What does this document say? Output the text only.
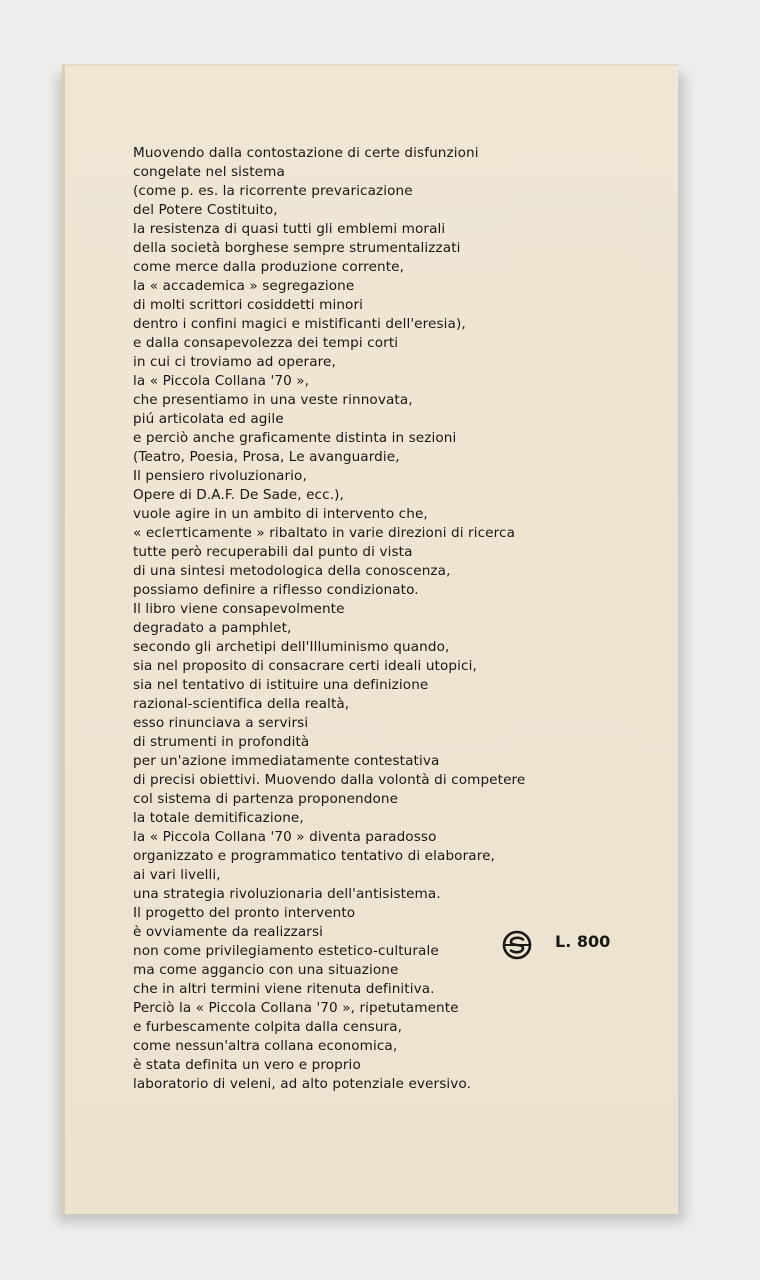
Muovendo dalla contostazione di certe disfunzioni
congelate nel sistema
(come p. es. la ricorrente prevaricazione
del Potere Costituito,
la resistenza di quasi tutti gli emblemi morali
della società borghese sempre strumentalizzati
come merce dalla produzione corrente,
la « accademica » segregazione
di molti scrittori cosiddetti minori
dentro i confini magici e mistificanti dell'eresia),
e dalla consapevolezza dei tempi corti
in cui ci troviamo ad operare,
la « Piccola Collana '70 »,
che presentiamo in una veste rinnovata,
piú articolata ed agile
e perciò anche graficamente distinta in sezioni
(Teatro, Poesia, Prosa, Le avanguardie,
Il pensiero rivoluzionario,
Opere di D.A.F. De Sade, ecc.),
vuole agire in un ambito di intervento che,
« eclетticamente » ribaltato in varie direzioni di ricerca
tutte però recuperabili dal punto di vista
di una sintesi metodologica della conoscenza,
possiamo definire a riflesso condizionato.
Il libro viene consapevolmente
degradato a pamphlet,
secondo gli archetipi dell'Illuminismo quando,
sia nel proposito di consacrare certi ideali utopici,
sia nel tentativo di istituire una definizione
razional-scientifica della realtà,
esso rinunciava a servirsi
di strumenti in profondità
per un'azione immediatamente contestativa
di precisi obiettivi. Muovendo dalla volontà di competere
col sistema di partenza proponendone
la totale demitificazione,
la « Piccola Collana '70 » diventa paradosso
organizzato e programmatico tentativo di elaborare,
ai vari livelli,
una strategia rivoluzionaria dell'antisistema.
Il progetto del pronto intervento
è ovviamente da realizzarsi
non come privilegiamento estetico-culturale
ma come aggancio con una situazione
che in altri termini viene ritenuta definitiva.
Perciò la « Piccola Collana '70 », ripetutamente
e furbescamente colpita dalla censura,
come nessun'altra collana economica,
è stata definita un vero e proprio
laboratorio di veleni, ad alto potenziale eversivo.
L. 800
